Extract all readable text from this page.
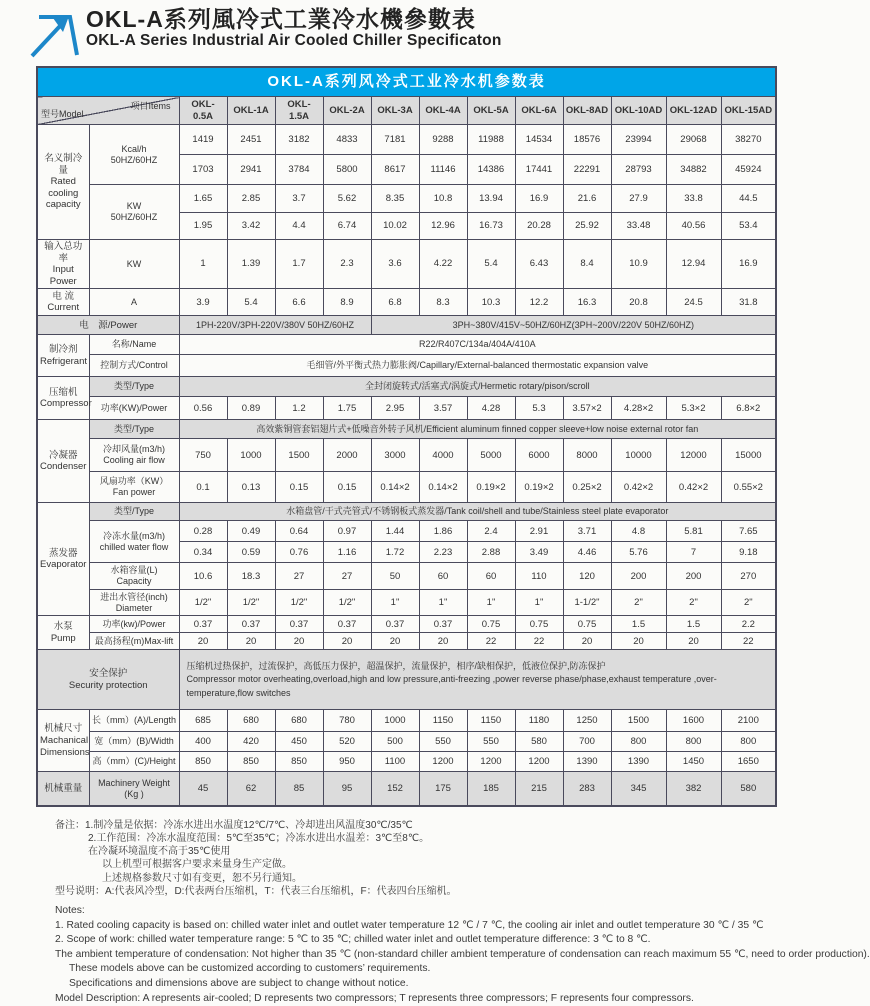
OKL-A系列風冷式工業冷水機參數表
OKL-A Series Industrial Air Cooled Chiller Specificaton
OKL-A系列风冷式工业冷水机参数表													

型号Model
项目Items		OKL-0.5A	OKL-1A	OKL-1.5A	OKL-2A	OKL-3A	OKL-4A	OKL-5A	OKL-6A	OKL-8AD	OKL-10AD	OKL-12AD	OKL-15AD
名义制冷量
Rated
cooling
capacity	Kcal/h
50HZ/60HZ	1419	2451	3182	4833	7181	9288	11988	14534	18576	23994	29068	38270
		1703	2941	3784	5800	8617	11146	14386	17441	22291	28793	34882	45924
	KW
50HZ/60HZ	1.65	2.85	3.7	5.62	8.35	10.8	13.94	16.9	21.6	27.9	33.8	44.5
		1.95	3.42	4.4	6.74	10.02	12.96	16.73	20.28	25.92	33.48	40.56	53.4
输入总功率
Input Power	KW	1	1.39	1.7	2.3	3.6	4.22	5.4	6.43	8.4	10.9	12.94	16.9
电 流
Current	A	3.9	5.4	6.6	8.9	6.8	8.3	10.3	12.2	16.3	20.8	24.5	31.8
电　源/Power		1PH-220V/3PH-220V/380V 50HZ/60HZ				3PH~380V/415V~50HZ/60HZ(3PH~200V/220V 50HZ/60HZ)							
制冷剂
Refrigerant	名称/Name	R22/R407C/134a/404A/410A											
	控制方式/Control	毛细管/外平衡式热力膨胀阀/Capillary/External-balanced thermostatic expansion valve											
压缩机
Compressor	类型/Type	全封闭旋转式/活塞式/涡旋式/Hermetic rotary/pison/scroll											
	功率(KW)/Power	0.56	0.89	1.2	1.75	2.95	3.57	4.28	5.3	3.57×2	4.28×2	5.3×2	6.8×2
冷凝器
Condenser	类型/Type	高效紫铜管套铝翅片式+低噪音外转子风机/Efficient aluminum finned copper sleeve+low noise external rotor fan											
	冷却风量(m3/h)
Cooling air flow	750	1000	1500	2000	3000	4000	5000	6000	8000	10000	12000	15000
	风扇功率（KW）
Fan power	0.1	0.13	0.15	0.15	0.14×2	0.14×2	0.19×2	0.19×2	0.25×2	0.42×2	0.42×2	0.55×2
蒸发器
Evaporator	类型/Type	水箱盘管/干式壳管式/不锈钢板式蒸发器/Tank coil/shell and tube/Stainless steel plate evaporator											
	冷冻水量(m3/h)
chilled water flow	0.28	0.49	0.64	0.97	1.44	1.86	2.4	2.91	3.71	4.8	5.81	7.65
		0.34	0.59	0.76	1.16	1.72	2.23	2.88	3.49	4.46	5.76	7	9.18
	水箱容量(L)
Capacity	10.6	18.3	27	27	50	60	60	110	120	200	200	270
	进出水管径(inch)
Diameter	1/2"	1/2"	1/2"	1/2"	1"	1"	1"	1"	1-1/2"	2"	2"	2"
水泵
Pump	功率(kw)/Power	0.37	0.37	0.37	0.37	0.37	0.37	0.75	0.75	0.75	1.5	1.5	2.2
	最高扬程(m)Max-lift	20	20	20	20	20	20	22	22	20	20	20	22
安全保护
Security protection		压缩机过热保护，过流保护，高低压力保护，超温保护，流量保护，相序/缺相保护，低液位保护,防冻保护
Compressor motor overheating,overload,high and low pressure,anti-freezing ,power reverse phase/phase,exhaust temperature ,over-
temperature,flow switches											
机械尺寸
Machanical
Dimensions	长（mm）(A)/Length	685	680	680	780	1000	1150	1150	1180	1250	1500	1600	2100
	宽（mm）(B)/Width	400	420	450	520	500	550	550	580	700	800	800	800
	高（mm）(C)/Height	850	850	850	950	1100	1200	1200	1200	1390	1390	1450	1650
机械重量	Machinery Weight
(Kg )	45	62	85	95	152	175	185	215	283	345	382	580
备注：1.制冷量是依据：冷冻水进出水温度12℃/7℃、冷却进出风温度30℃/35℃
2.工作范围：冷冻水温度范围：5℃至35℃；冷冻水进出水温差：3℃至8℃。
在冷凝环境温度不高于35℃使用
以上机型可根据客户要求来量身生产定做。
上述规格参数尺寸如有变更，恕不另行通知。
型号说明：A:代表风冷型，D:代表两台压缩机，T：代表三台压缩机，F：代表四台压缩机。
Notes:
1. Rated cooling capacity is based on: chilled water inlet and outlet water temperature 12 ℃ / 7 ℃, the cooling air inlet and outlet temperature 30 ℃ / 35 ℃
2. Scope of work: chilled water temperature range: 5 ℃ to 35 ℃; chilled water inlet and outlet temperature difference: 3 ℃ to 8 ℃.
The ambient temperature of condensation: Not higher than 35 ℃ (non-standard chiller ambient temperature of condensation can reach maximum 55 ℃, need to order production).
These models above can be customized according to customers’ requirements.
Specifications and dimensions above are subject to change without notice.
Model Description: A represents air-cooled; D represents two compressors; T represents three compressors; F represents four compressors.
